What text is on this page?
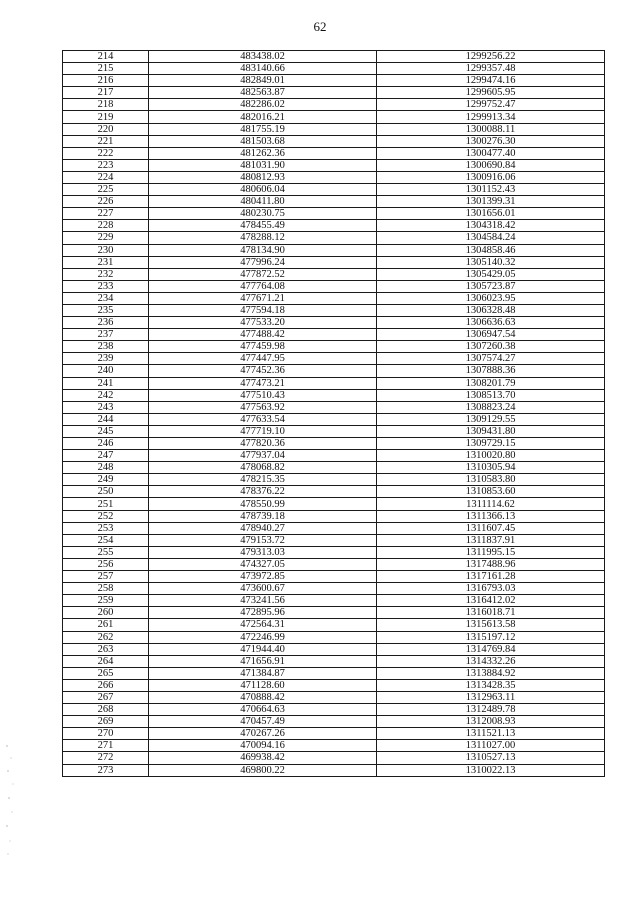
62
214	483438.02	1299256.22
215	483140.66	1299357.48
216	482849.01	1299474.16
217	482563.87	1299605.95
218	482286.02	1299752.47
219	482016.21	1299913.34
220	481755.19	1300088.11
221	481503.68	1300276.30
222	481262.36	1300477.40
223	481031.90	1300690.84
224	480812.93	1300916.06
225	480606.04	1301152.43
226	480411.80	1301399.31
227	480230.75	1301656.01
228	478455.49	1304318.42
229	478288.12	1304584.24
230	478134.90	1304858.46
231	477996.24	1305140.32
232	477872.52	1305429.05
233	477764.08	1305723.87
234	477671.21	1306023.95
235	477594.18	1306328.48
236	477533.20	1306636.63
237	477488.42	1306947.54
238	477459.98	1307260.38
239	477447.95	1307574.27
240	477452.36	1307888.36
241	477473.21	1308201.79
242	477510.43	1308513.70
243	477563.92	1308823.24
244	477633.54	1309129.55
245	477719.10	1309431.80
246	477820.36	1309729.15
247	477937.04	1310020.80
248	478068.82	1310305.94
249	478215.35	1310583.80
250	478376.22	1310853.60
251	478550.99	1311114.62
252	478739.18	1311366.13
253	478940.27	1311607.45
254	479153.72	1311837.91
255	479313.03	1311995.15
256	474327.05	1317488.96
257	473972.85	1317161.28
258	473600.67	1316793.03
259	473241.56	1316412.02
260	472895.96	1316018.71
261	472564.31	1315613.58
262	472246.99	1315197.12
263	471944.40	1314769.84
264	471656.91	1314332.26
265	471384.87	1313884.92
266	471128.60	1313428.35
267	470888.42	1312963.11
268	470664.63	1312489.78
269	470457.49	1312008.93
270	470267.26	1311521.13
271	470094.16	1311027.00
272	469938.42	1310527.13
273	469800.22	1310022.13
